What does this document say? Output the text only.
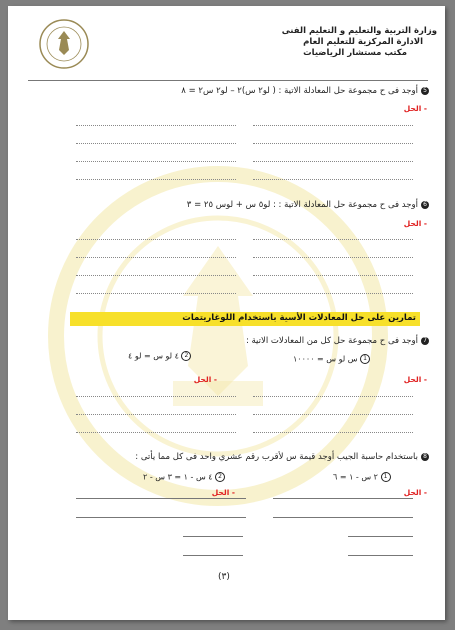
وزارة التربية والتعليم و التعليم الفنى
الادارة المركزية للتعليم العام
مكتب مستشار الرياضيات
5أوجد فى ح مجموعة حل المعادلة الاتية : ( لو٢ س)٢ – لو٢ س٢ = ٨
- الحل
6أوجد فى ح مجموعة حل المعادلة الاتية : : لو٥ س + لوس ٢٥ = ٣
- الحل
تمارين على حل المعادلات الأسية باستخدام اللوغاريتمات
7أوجد فى ح مجموعة حل كل من المعادلات الاتية :
1 س لو س = ١٠٠٠٠
2 ٤ لو س = لو ٤
- الحل
- الحل
8باستخدام حاسبة الجيب أوجد قيمة س لأقرب رقم عشري واحد فى كل مما يأتى :
1 ٢ س - ١ = ٦
2 ٤ س - ١ = ٣ س - ٢
- الحل
- الحل
(٣)
